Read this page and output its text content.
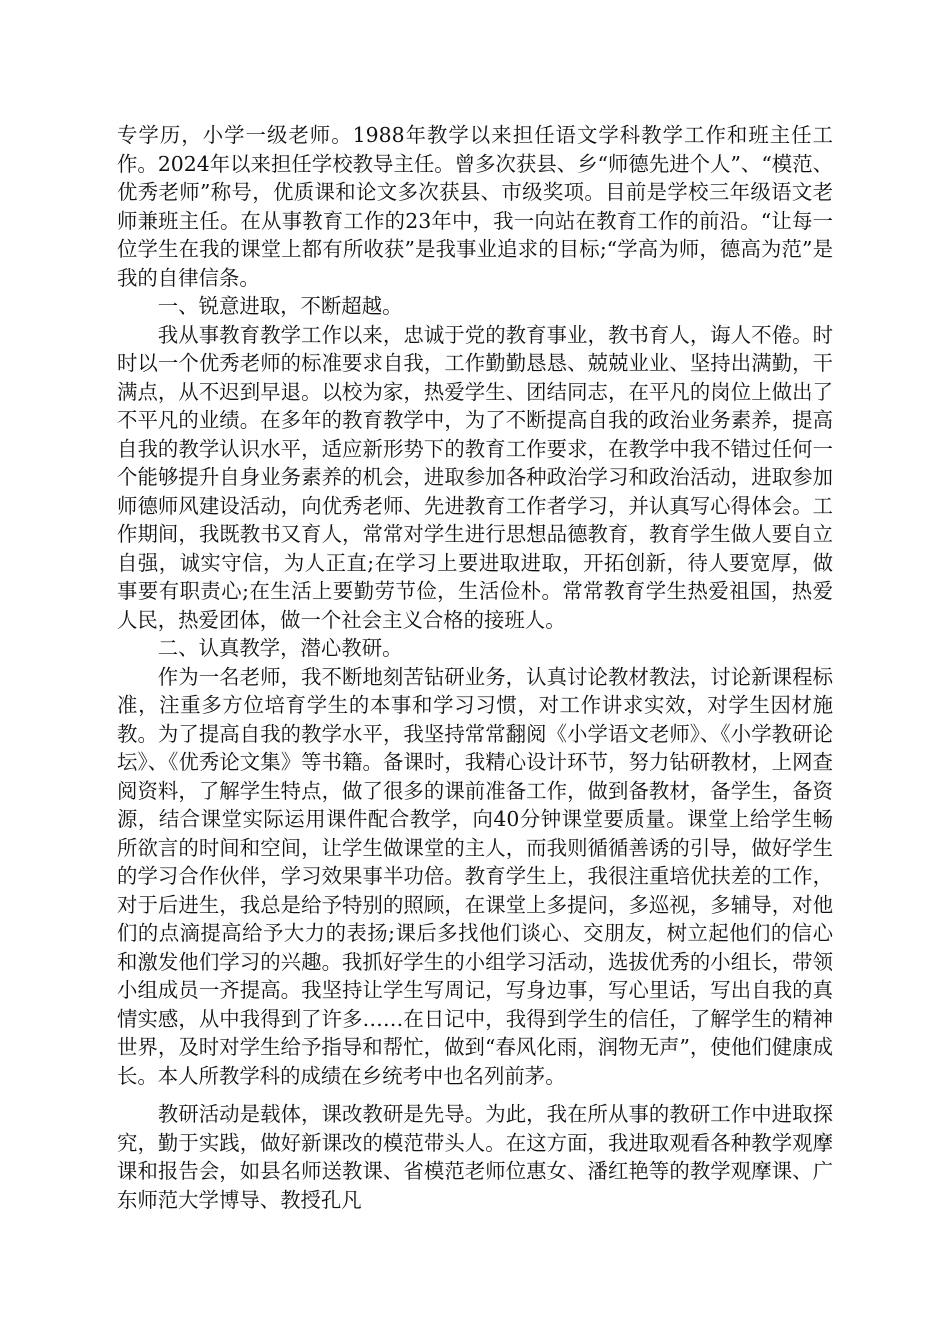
专学历，小学一级老师。1988年教学以来担任语文学科教学工作和班主任工作。2024年以来担任学校教导主任。曾多次获县、乡“师德先进个人”、“模范、优秀老师”称号，优质课和论文多次获县、市级奖项。目前是学校三年级语文老师兼班主任。在从事教育工作的23年中，我一向站在教育工作的前沿。“让每一位学生在我的课堂上都有所收获”是我事业追求的目标;“学高为师，德高为范”是我的自律信条。

一、锐意进取，不断超越。

我从事教育教学工作以来，忠诚于党的教育事业，教书育人，诲人不倦。时时以一个优秀老师的标准要求自我，工作勤勤恳恳、兢兢业业、坚持出满勤，干满点，从不迟到早退。以校为家，热爱学生、团结同志，在平凡的岗位上做出了不平凡的业绩。在多年的教育教学中，为了不断提高自我的政治业务素养，提高自我的教学认识水平，适应新形势下的教育工作要求，在教学中我不错过任何一个能够提升自身业务素养的机会，进取参加各种政治学习和政治活动，进取参加师德师风建设活动，向优秀老师、先进教育工作者学习，并认真写心得体会。工作期间，我既教书又育人，常常对学生进行思想品德教育，教育学生做人要自立自强，诚实守信，为人正直;在学习上要进取进取，开拓创新，待人要宽厚，做事要有职责心;在生活上要勤劳节俭，生活俭朴。常常教育学生热爱祖国，热爱人民，热爱团体，做一个社会主义合格的接班人。

二、认真教学，潜心教研。

作为一名老师，我不断地刻苦钻研业务，认真讨论教材教法，讨论新课程标准，注重多方位培育学生的本事和学习习惯，对工作讲求实效，对学生因材施教。为了提高自我的教学水平，我坚持常常翻阅《小学语文老师》、《小学教研论坛》、《优秀论文集》等书籍。备课时，我精心设计环节，努力钻研教材，上网查阅资料，了解学生特点，做了很多的课前准备工作，做到备教材，备学生，备资源，结合课堂实际运用课件配合教学，向40分钟课堂要质量。课堂上给学生畅所欲言的时间和空间，让学生做课堂的主人，而我则循循善诱的引导，做好学生的学习合作伙伴，学习效果事半功倍。教育学生上，我很注重培优扶差的工作，对于后进生，我总是给予特别的照顾，在课堂上多提问，多巡视，多辅导，对他们的点滴提高给予大力的表扬;课后多找他们谈心、交朋友，树立起他们的信心和激发他们学习的兴趣。我抓好学生的小组学习活动，选拔优秀的小组长，带领小组成员一齐提高。我坚持让学生写周记，写身边事，写心里话，写出自我的真情实感，从中我得到了许多……在日记中，我得到学生的信任，了解学生的精神世界，及时对学生给予指导和帮忙，做到“春风化雨，润物无声”，使他们健康成长。本人所教学科的成绩在乡统考中也名列前茅。

教研活动是载体，课改教研是先导。为此，我在所从事的教研工作中进取探究，勤于实践，做好新课改的模范带头人。在这方面，我进取观看各种教学观摩课和报告会，如县名师送教课、省模范老师位惠女、潘红艳等的教学观摩课、广东师范大学博导、教授孔凡
